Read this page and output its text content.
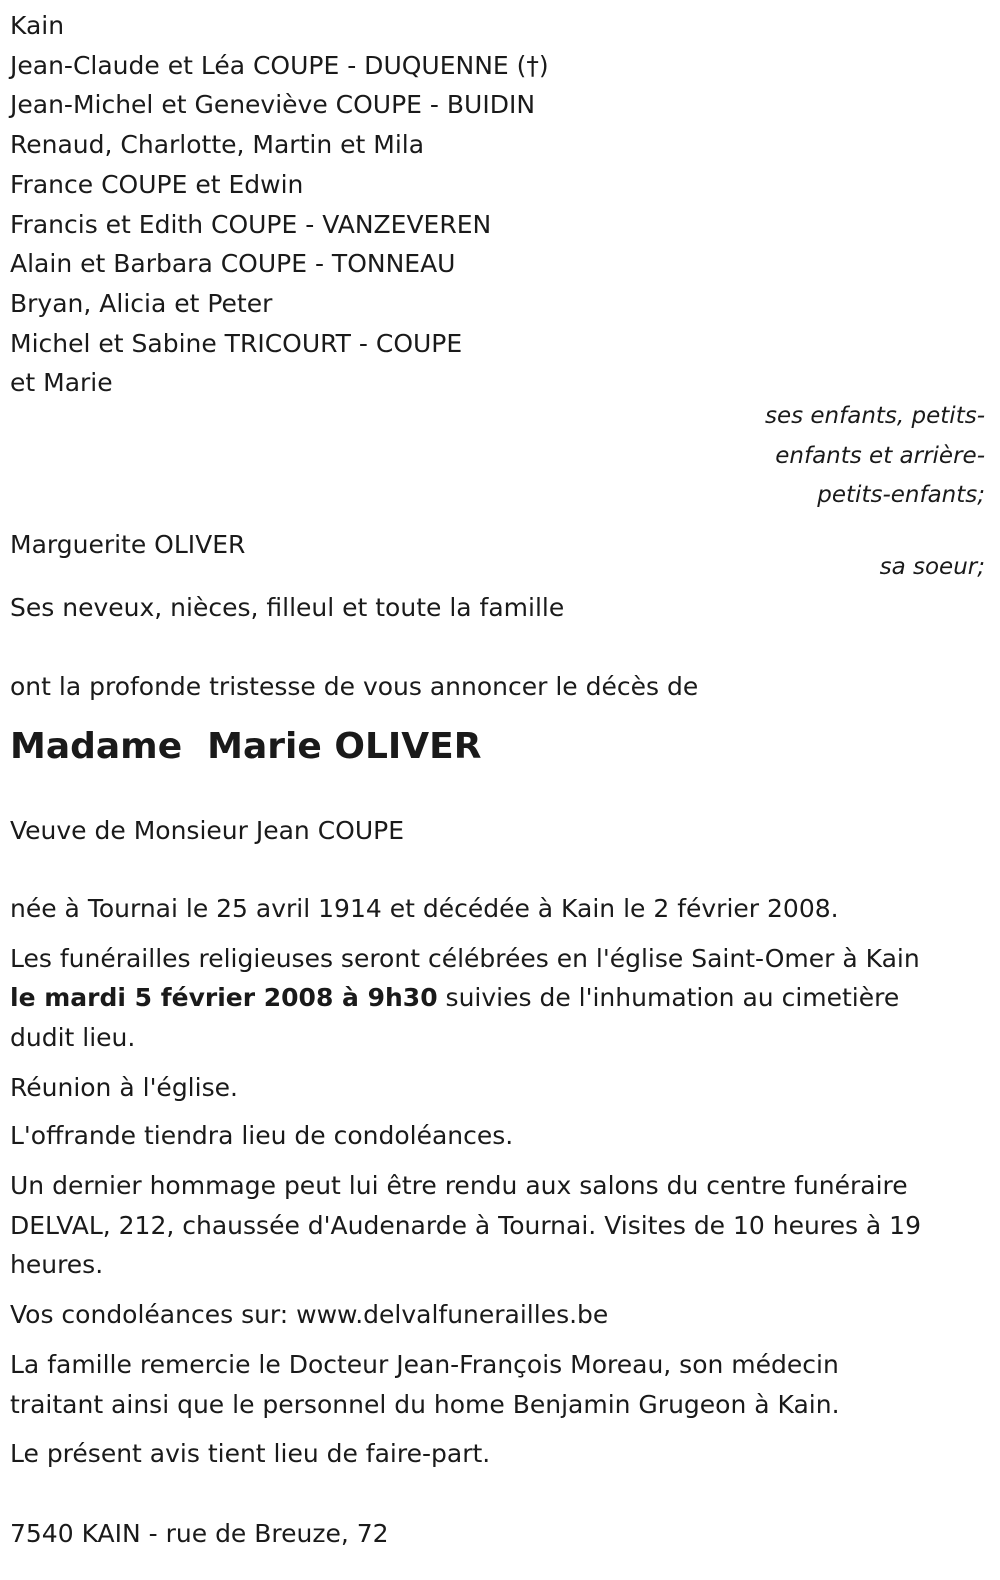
Kain
Jean-Claude et Léa COUPE - DUQUENNE (†)
Jean-Michel et Geneviève COUPE - BUIDIN
Renaud, Charlotte, Martin et Mila
France COUPE et Edwin
Francis et Edith COUPE - VANZEVEREN
Alain et Barbara COUPE - TONNEAU
Bryan, Alicia et Peter
Michel et Sabine TRICOURT - COUPE
et Marie
ses enfants, petits-
enfants et arrière-
petits-enfants;
Marguerite OLIVER
sa soeur;
Ses neveux, nièces, filleul et toute la famille
ont la profonde tristesse de vous annoncer le décès de
Madame  Marie OLIVER
Veuve de Monsieur Jean COUPE
née à Tournai le 25 avril 1914 et décédée à Kain le 2 février 2008.
Les funérailles religieuses seront célébrées en l'église Saint-Omer à Kain
le mardi 5 février 2008 à 9h30 suivies de l'inhumation au cimetière
dudit lieu.
Réunion à l'église.
L'offrande tiendra lieu de condoléances.
Un dernier hommage peut lui être rendu aux salons du centre funéraire
DELVAL, 212, chaussée d'Audenarde à Tournai. Visites de 10 heures à 19
heures.
Vos condoléances sur: www.delvalfunerailles.be
La famille remercie le Docteur Jean-François Moreau, son médecin
traitant ainsi que le personnel du home Benjamin Grugeon à Kain.
Le présent avis tient lieu de faire-part.
7540 KAIN - rue de Breuze, 72
